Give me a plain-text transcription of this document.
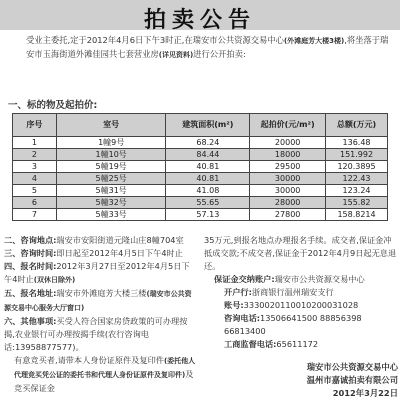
拍卖公告
受业主委托,定于2012年4月6日下午3时正,在瑞安市公共资源交易中心(外滩庭芳大楼3楼),将坐落于瑞安市玉海街道外滩佳园共七套营业房(详见资料)进行公开拍卖:
一、标的物及起拍价:
序号	室号	建筑面积(m²)	起拍价(元/m²)	总额(万元)
1	1幢9号	68.24	20000	136.48
2	1幢10号	84.44	18000	151.992
3	5幢19号	40.81	29500	120.3895
4	5幢25号	40.81	30000	122.43
5	5幢31号	41.08	30000	123.24
6	5幢32号	55.65	28000	155.82
7	5幢33号	57.13	27800	158.8214

二、咨询地点:瑞安市安阳街道元隆山庄8幢704室

三、咨询时间:即日起至2012年4月5日下午4时止

四、报名时间:2012年3月27日至2012年4月5日下午4时止(双休日除外)

五、报名地址:瑞安市外滩庭芳大楼三楼(瑞安市公共资源交易中心服务大厅窗口)

六、其他事项:买受人符合国家房贷政策的可办理按揭,农业银行可办理按揭手续(农行咨询电话:13958877577)。

有意竞买者,请带本人身份证原件及复印件(委托他人代理竞买凭公证的委托书和代理人身份证原件及复印件)及竞买保证金

35万元,到报名地点办理报名手续。成交者,保证金冲抵成交款;不成交者,保证金于2012年4月9日起无息退还。

保证金交纳账户:瑞安市公共资源交易中心

开户行:浙商银行温州瑞安支行

账号:3330020110010200031028

咨询电话:13506641500 88856398 66813400

工商监督电话:65611172

瑞安市公共资源交易中心
温州市嘉诚拍卖有限公司
2012年3月22日
